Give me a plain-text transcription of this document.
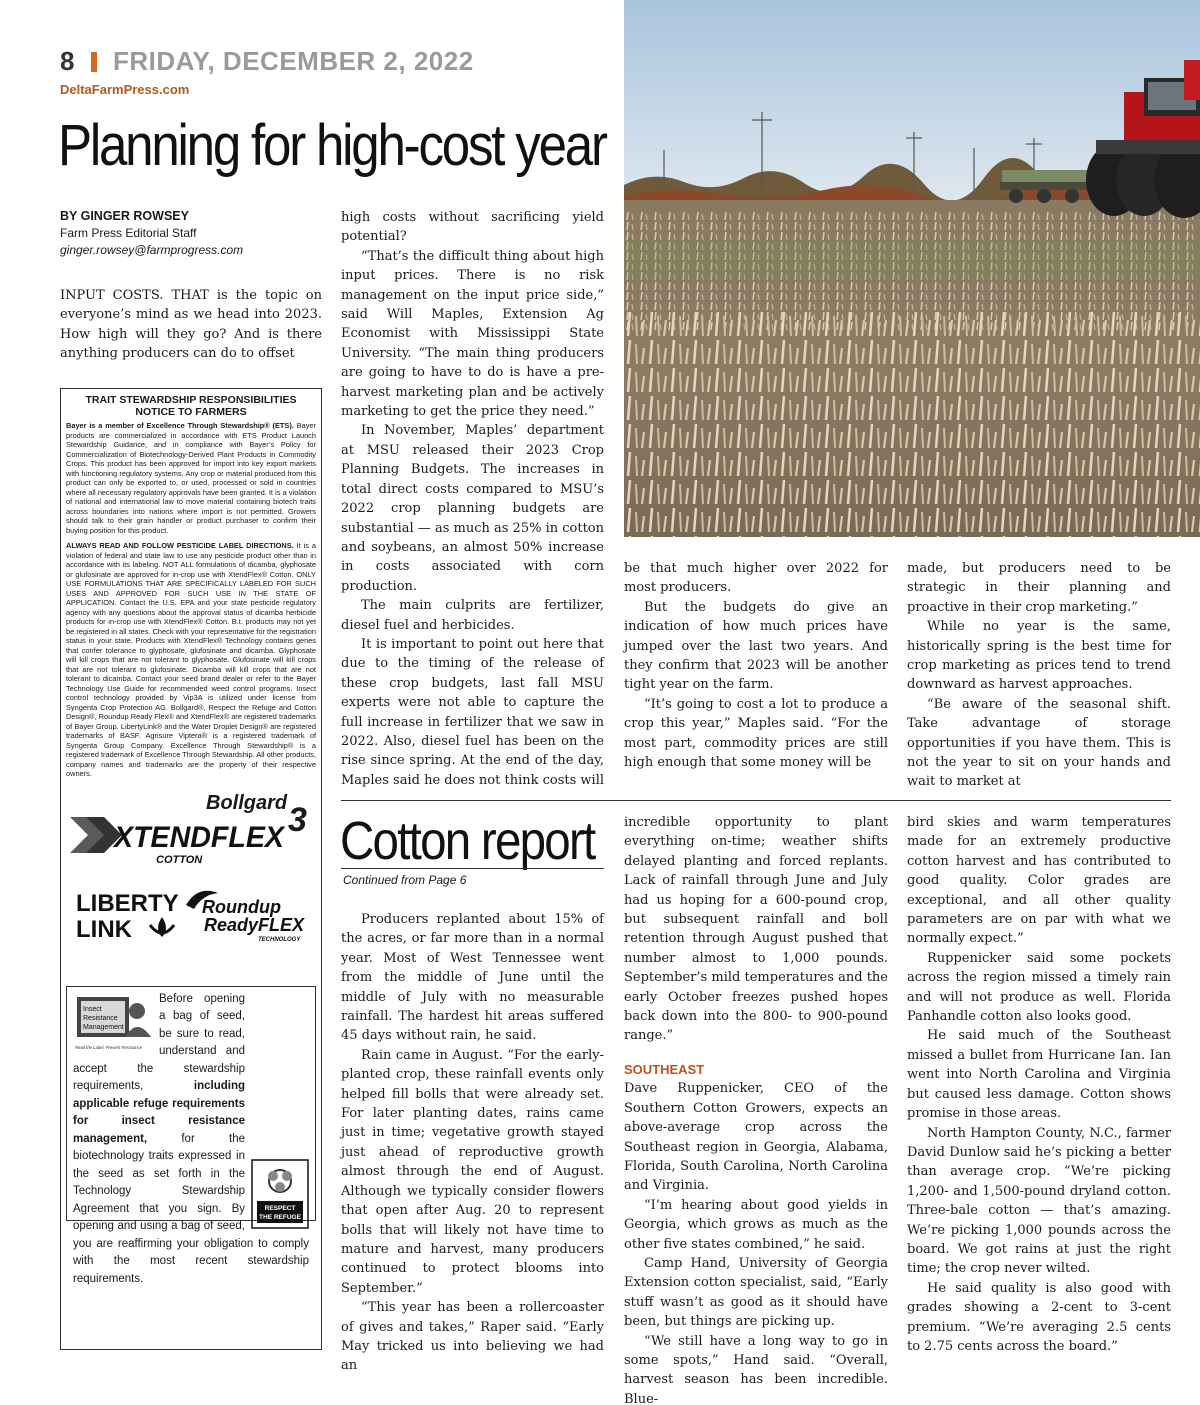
8 FRIDAY, DECEMBER 2, 2022
DeltaFarmPress.com
Planning for high-cost year
BY GINGER ROWSEY
Farm Press Editorial Staff
ginger.rowsey@farmprogress.com

INPUT COSTS. THAT is the topic on everyone’s mind as we head into 2023. How high will they go? And is there anything producers can do to offset

high costs without sacrificing yield potential?

“That’s the difficult thing about high input prices. There is no risk management on the input price side,” said Will Maples, Extension Ag Economist with Mississippi State University. “The main thing producers are going to have to do is have a pre-harvest marketing plan and be actively marketing to get the price they need.”

In November, Maples’ department at MSU released their 2023 Crop Planning Budgets. The increases in total direct costs compared to MSU’s 2022 crop planning budgets are substantial — as much as 25% in cotton and soybeans, an almost 50% increase in costs associated with corn production.

The main culprits are fertilizer, diesel fuel and herbicides.

It is important to point out here that due to the timing of the release of these crop budgets, last fall MSU experts were not able to capture the full increase in fertilizer that we saw in 2022. Also, diesel fuel has been on the rise since spring. At the end of the day, Maples said he does not think costs will

be that much higher over 2022 for most producers.

But the budgets do give an indication of how much prices have jumped over the last two years. And they confirm that 2023 will be another tight year on the farm.

“It’s going to cost a lot to produce a crop this year,” Maples said. “For the most part, commodity prices are still high enough that some money will be

made, but producers need to be strategic in their planning and proactive in their crop marketing.”

While no year is the same, historically spring is the best time for crop marketing as prices tend to trend downward as harvest approaches.

“Be aware of the seasonal shift. Take advantage of storage opportunities if you have them. This is not the year to sit on your hands and wait to market at

TRAIT STEWARDSHIP RESPONSIBILITIES
NOTICE TO FARMERS
Bayer is a member of Excellence Through Stewardship® (ETS). Bayer products are commercialized in accordance with ETS Product Launch Stewardship Guidance, and in compliance with Bayer’s Policy for Commercialization of Biotechnology-Derived Plant Products in Commodity Crops. This product has been approved for import into key export markets with functioning regulatory systems. Any crop or material produced from this product can only be exported to, or used, processed or sold in countries where all necessary regulatory approvals have been granted. It is a violation of national and international law to move material containing biotech traits across boundaries into nations where import is not permitted. Growers should talk to their grain handler or product purchaser to confirm their buying position for this product.
ALWAYS READ AND FOLLOW PESTICIDE LABEL DIRECTIONS. It is a violation of federal and state law to use any pesticide product other than in accordance with its labeling. NOT ALL formulations of dicamba, glyphosate or glufosinate are approved for in-crop use with XtendFlex® Cotton. ONLY USE FORMULATIONS THAT ARE SPECIFICALLY LABELED FOR SUCH USES AND APPROVED FOR SUCH USE IN THE STATE OF APPLICATION. Contact the U.S. EPA and your state pesticide regulatory agency with any questions about the approval status of dicamba herbicide products for in-crop use with XtendFlex® Cotton. B.t. products may not yet be registered in all states. Check with your representative for the registration status in your state. Products with XtendFlex® Technology contains genes that confer tolerance to glyphosate, glufosinate and dicamba. Glyphosate will kill crops that are not tolerant to glyphosate. Glufosinate will kill crops that are not tolerant to glufosinate. Dicamba will kill crops that are not tolerant to dicamba. Contact your seed brand dealer or refer to the Bayer Technology Use Guide for recommended weed control programs. Insect control technology provided by Vip3A is utilized under license from Syngenta Crop Protection AG. Bollgard®, Respect the Refuge and Cotton Design®, Roundup Ready Flex® and XtendFlex® are registered trademarks of Bayer Group. LibertyLink® and the Water Droplet Design® are registered trademarks of BASF. Agrisure Viptera® is a registered trademark of Syngenta Group Company. Excellence Through Stewardship® is a registered trademark of Excellence Through Stewardship. All other products, company names and trademarks are the property of their respective owners.
Bollgard 3
XTENDFLEX
COTTON
LIBERTY
LINK
Roundup
ReadyFLEX
TECHNOLOGY
Insect
Resistance
Management
Read the Label, Prevent Resistance
RESPECT
THE REFUGE
Before opening a bag of seed, be sure to read, understand and accept the stewardship requirements, including applicable refuge requirements for insect resistance management, for the biotechnology traits expressed in the seed as set forth in the Technology Stewardship Agreement that you sign. By opening and using a bag of seed, you are reaffirming your obligation to comply with the most recent stewardship requirements.
Cotton report
Continued from Page 6

Producers replanted about 15% of the acres, or far more than in a normal year. Most of West Tennessee went from the middle of June until the middle of July with no measurable rainfall. The hardest hit areas suffered 45 days without rain, he said.

Rain came in August. “For the early-planted crop, these rainfall events only helped fill bolls that were already set. For later planting dates, rains came just in time; vegetative growth stayed just ahead of reproductive growth almost through the end of August. Although we typically consider flowers that open after Aug. 20 to represent bolls that will likely not have time to mature and harvest, many producers continued to protect blooms into September.”

“This year has been a rollercoaster of gives and takes,” Raper said. “Early May tricked us into believing we had an

incredible opportunity to plant everything on-time; weather shifts delayed planting and forced replants. Lack of rainfall through June and July had us hoping for a 600-pound crop, but subsequent rainfall and boll retention through August pushed that number almost to 1,000 pounds. September’s mild temperatures and the early October freezes pushed hopes back down into the 800- to 900-pound range.”

SOUTHEAST

Dave Ruppenicker, CEO of the Southern Cotton Growers, expects an above-average crop across the Southeast region in Georgia, Alabama, Florida, South Carolina, North Carolina and Virginia.

“I’m hearing about good yields in Georgia, which grows as much as the other five states combined,” he said.

Camp Hand, University of Georgia Extension cotton specialist, said, “Early stuff wasn’t as good as it should have been, but things are picking up.

“We still have a long way to go in some spots,” Hand said. “Overall, harvest season has been incredible. Blue-

bird skies and warm temperatures made for an extremely productive cotton harvest and has contributed to good quality. Color grades are exceptional, and all other quality parameters are on par with what we normally expect.”

Ruppenicker said some pockets across the region missed a timely rain and will not produce as well. Florida Panhandle cotton also looks good.

He said much of the Southeast missed a bullet from Hurricane Ian. Ian went into North Carolina and Virginia but caused less damage. Cotton shows promise in those areas.

North Hampton County, N.C., farmer David Dunlow said he’s picking a better than average crop. “We’re picking 1,200- and 1,500-pound dryland cotton. Three-bale cotton — that’s amazing. We’re picking 1,000 pounds across the board. We got rains at just the right time; the crop never wilted.

He said quality is also good with grades showing a 2-cent to 3-cent premium. “We’re averaging 2.5 cents to 2.75 cents across the board.”
